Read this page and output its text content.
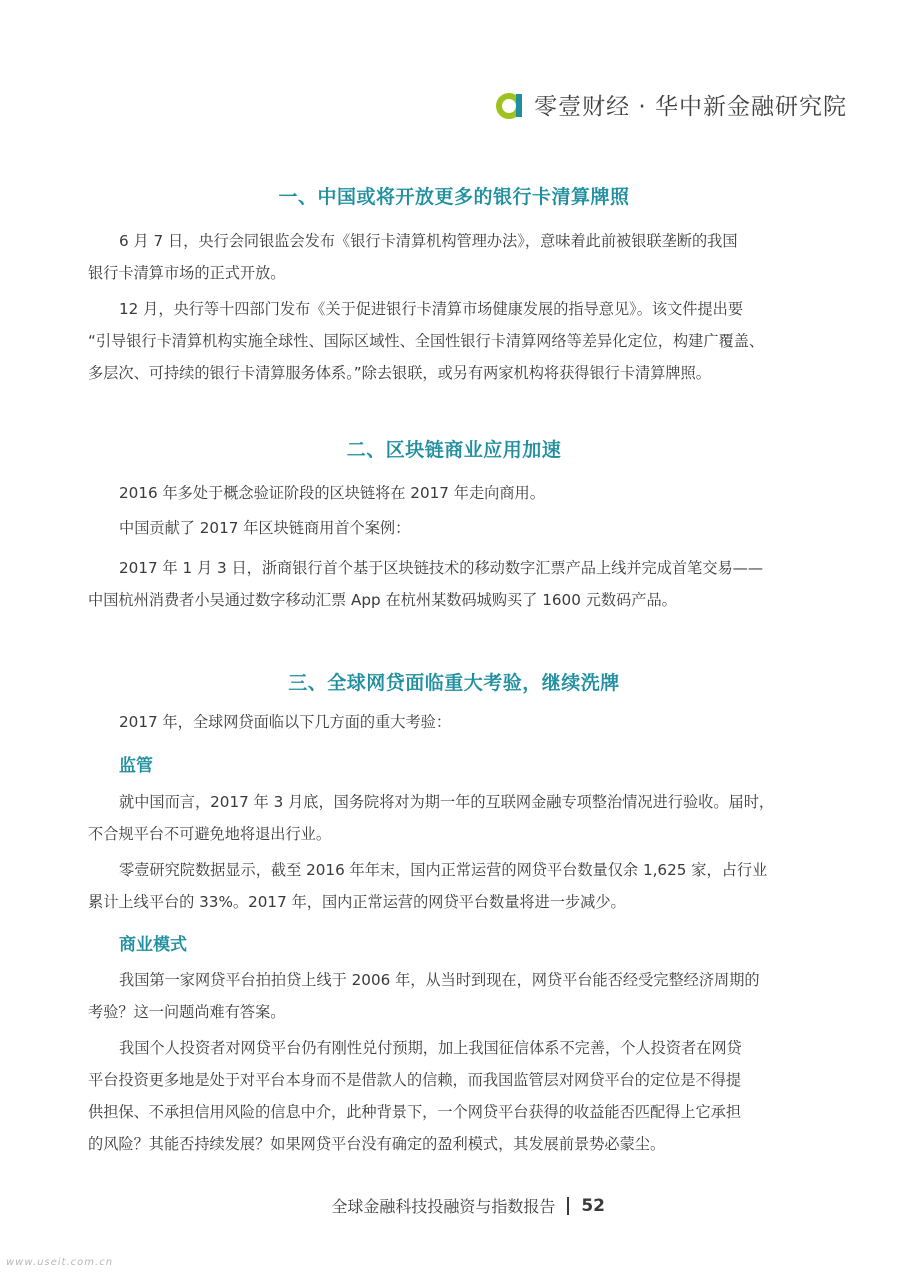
零壹财经 · 华中新金融研究院
一、中国或将开放更多的银行卡清算牌照

6 月 7 日，央行会同银监会发布《银行卡清算机构管理办法》，意味着此前被银联垄断的我国
银行卡清算市场的正式开放。

12 月，央行等十四部门发布《关于促进银行卡清算市场健康发展的指导意见》。该文件提出要
“引导银行卡清算机构实施全球性、国际区域性、全国性银行卡清算网络等差异化定位，构建广覆盖、
多层次、可持续的银行卡清算服务体系。”除去银联，或另有两家机构将获得银行卡清算牌照。

二、区块链商业应用加速

2016 年多处于概念验证阶段的区块链将在 2017 年走向商用。

中国贡献了 2017 年区块链商用首个案例：

2017 年 1 月 3 日，浙商银行首个基于区块链技术的移动数字汇票产品上线并完成首笔交易——
中国杭州消费者小吴通过数字移动汇票 App 在杭州某数码城购买了 1600 元数码产品。

三、全球网贷面临重大考验，继续洗牌

2017 年，全球网贷面临以下几方面的重大考验：

监管

就中国而言，2017 年 3 月底，国务院将对为期一年的互联网金融专项整治情况进行验收。届时，
不合规平台不可避免地将退出行业。

零壹研究院数据显示，截至 2016 年年末，国内正常运营的网贷平台数量仅余 1,625 家，占行业
累计上线平台的 33%。2017 年，国内正常运营的网贷平台数量将进一步减少。

商业模式

我国第一家网贷平台拍拍贷上线于 2006 年，从当时到现在，网贷平台能否经受完整经济周期的
考验？这一问题尚难有答案。

我国个人投资者对网贷平台仍有刚性兑付预期，加上我国征信体系不完善，个人投资者在网贷
平台投资更多地是处于对平台本身而不是借款人的信赖，而我国监管层对网贷平台的定位是不得提
供担保、不承担信用风险的信息中介，此种背景下，一个网贷平台获得的收益能否匹配得上它承担
的风险？其能否持续发展？如果网贷平台没有确定的盈利模式，其发展前景势必蒙尘。

全球金融科技投融资与指数报告 52
www.useit.com.cn
